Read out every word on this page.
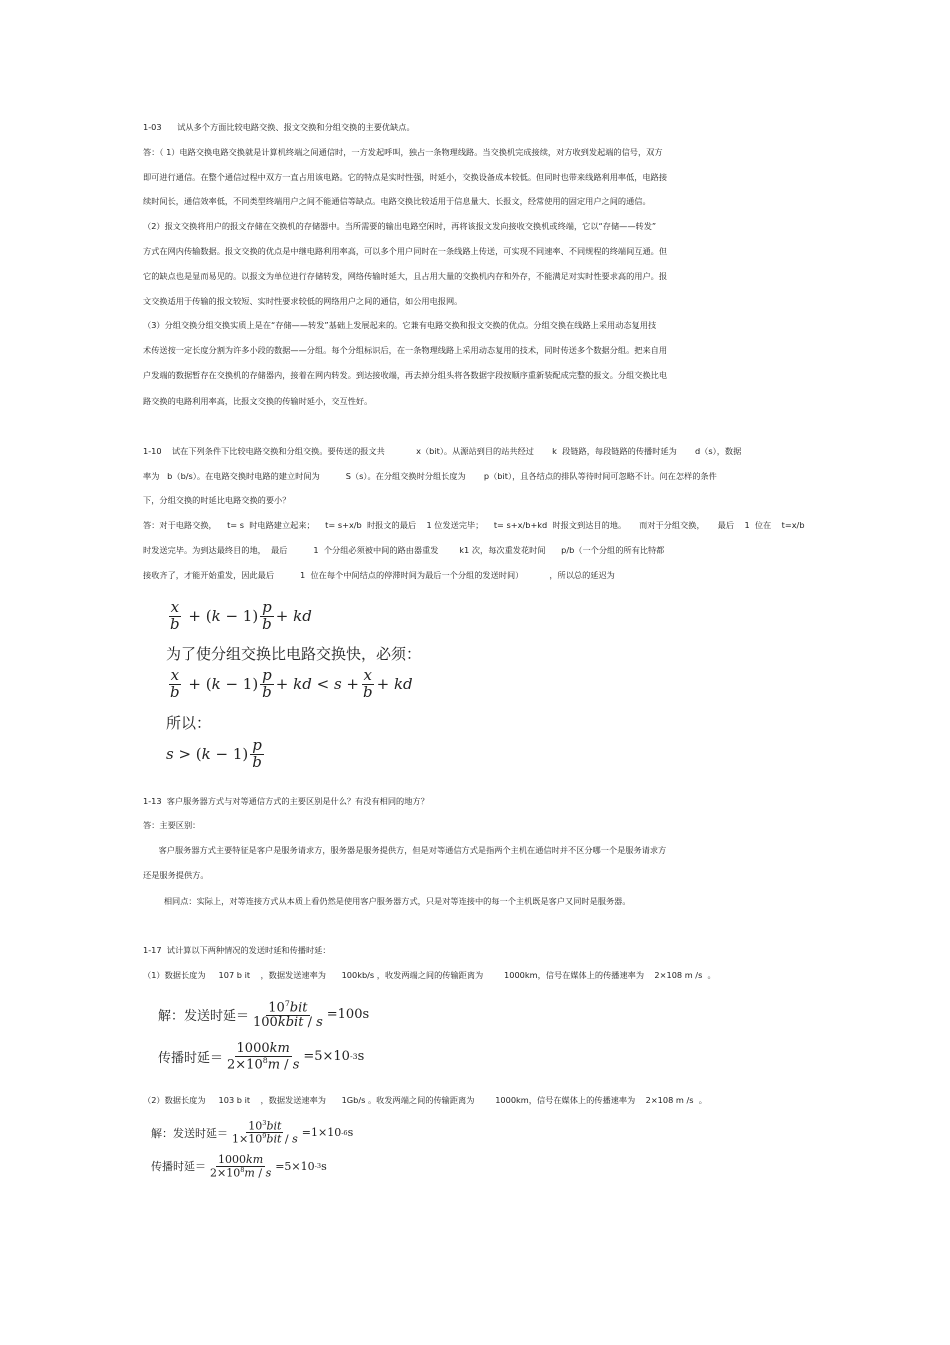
1-03      试从多个方面比较电路交换、报文交换和分组交换的主要优缺点。
答：（ 1）电路交换电路交换就是计算机终端之间通信时，一方发起呼叫，独占一条物理线路。当交换机完成接续，对方收到发起端的信号，双方
即可进行通信。在整个通信过程中双方一直占用该电路。它的特点是实时性强，时延小，交换设备成本较低。但同时也带来线路利用率低，电路接
续时间长，通信效率低，不同类型终端用户之间不能通信等缺点。电路交换比较适用于信息量大、长报文，经常使用的固定用户之间的通信。
（2）报文交换将用户的报文存储在交换机的存储器中。当所需要的输出电路空闲时，再将该报文发向接收交换机或终端，它以“存储——转发”
方式在网内传输数据。报文交换的优点是中继电路利用率高，可以多个用户同时在一条线路上传送，可实现不同速率、不同规程的终端间互通。但
它的缺点也是显而易见的。以报文为单位进行存储转发，网络传输时延大，且占用大量的交换机内存和外存，不能满足对实时性要求高的用户。报
文交换适用于传输的报文较短、实时性要求较低的网络用户之间的通信，如公用电报网。
（3）分组交换分组交换实质上是在“存储——转发”基础上发展起来的。它兼有电路交换和报文交换的优点。分组交换在线路上采用动态复用技
术传送按一定长度分割为许多小段的数据——分组。每个分组标识后，在一条物理线路上采用动态复用的技术，同时传送多个数据分组。把来自用
户发端的数据暂存在交换机的存储器内，接着在网内转发。到达接收端，再去掉分组头将各数据字段按顺序重新装配成完整的报文。分组交换比电
路交换的电路利用率高，比报文交换的传输时延小，交互性好。
1-10    试在下列条件下比较电路交换和分组交换。要传送的报文共            x（bit）。从源站到目的站共经过       k  段链路，每段链路的传播时延为       d（s），数据
率为   b（b/s）。在电路交换时电路的建立时间为          S（s）。在分组交换时分组长度为       p（bit），且各结点的排队等待时间可忽略不计。问在怎样的条件
下，分组交换的时延比电路交换的要小？
答：对于电路交换，    t= s  时电路建立起来；    t= s+x/b  时报文的最后    1 位发送完毕；    t= s+x/b+kd  时报文到达目的地。     而对于分组交换，     最后    1  位在    t=x/b
时发送完毕。为到达最终目的地，  最后          1  个分组必须被中间的路由器重发        k1 次，每次重发花时间      p/b（一个分组的所有比特都
接收齐了，才能开始重发，因此最后          1  位在每个中间结点的停滞时间为最后一个分组的发送时间）          ，所以总的延迟为
$\frac{x}{b} + (k - 1) \frac{p}{b}$ + kd
为了使分组交换比电路交换快，必须：
$\frac{x}{b} + (k - 1) \frac{p}{b}$ + kd < $s + \frac{x}{b}$ + kd
所以：
$s > (k - 1) \frac{p}{b}$
1-13  客户服务器方式与对等通信方式的主要区别是什么？有没有相同的地方？
答：主要区别：
客户服务器方式主要特征是客户是服务请求方，服务器是服务提供方，但是对等通信方式是指两个主机在通信时并不区分哪一个是服务请求方
还是服务提供方。
相同点：实际上，对等连接方式从本质上看仍然是使用客户服务器方式，只是对等连接中的每一个主机既是客户又同时是服务器。
1-17  试计算以下两种情况的发送时延和传播时延：
（1）数据长度为     107 b it    ，数据发送速率为      100kb/s ，收发两端之间的传输距离为        1000km，信号在媒体上的传播速率为    2×108 m /s  。
解：发送时延＝ $\frac{10^7bit}{\text{100kbit / s}} =100s$
传播时延＝ $\frac{1000km}{2\times 10^8m / s} =5\times 10$ -3 s
（2）数据长度为     103 b it    ，数据发送速率为      1Gb/s 。收发两端之间的传输距离为        1000km，信号在媒体上的传播速率为    2×108 m /s  。
解：发送时延＝ $\frac{10^3bit}{1\times 10^9bit / s} =1\times 10$ -6 s
传播时延＝ $\frac{1000km}{2\times 10^8m / s} =5\times 10$ -3 s
